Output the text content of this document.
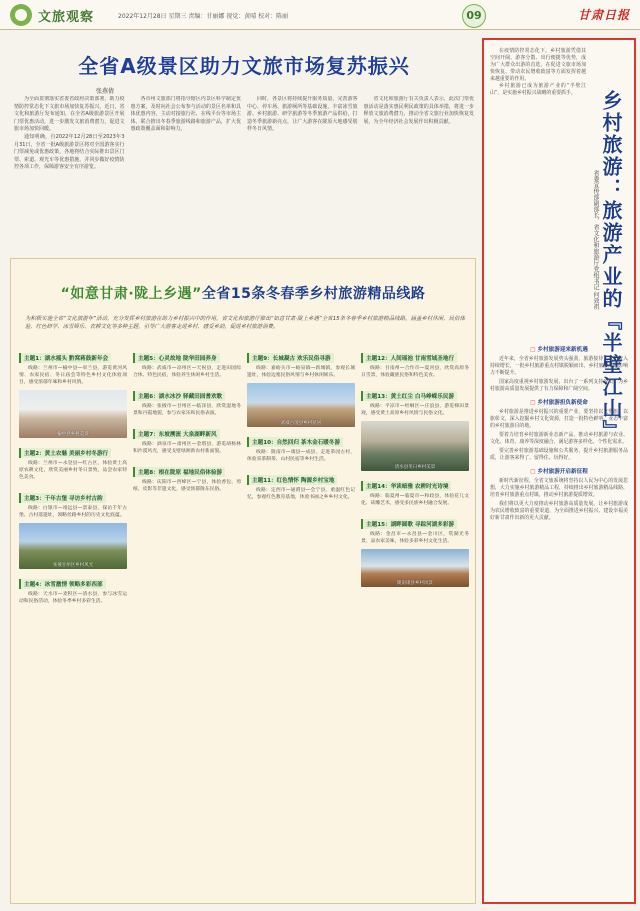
文旅观察	2022年12月28日 星期三 责编：甘丽娜 视觉：黄晴 校对：陈丽	09	甘肃日报
全省A级景区助力文旅市场复苏振兴
张燕倩

为全面贯彻落实省委省政府决策部署，助力疫情防控常态化下文旅市场加快复苏振兴，近日，省文化和旅游厅发布通知，在全省A级旅游景区开展门票优惠活动，进一步激发文旅消费潜力，促进文旅市场加快回暖。

通知明确，自2022年12月28日至2023年3月31日，全省一批A级旅游景区将对全国游客实行门票减免或优惠政策，各地将结合实际推出景区门票、索道、观光车等优惠措施，并同步做好疫情防控各项工作，保障游客安全有序游览。

各市州文旅部门将指导辖区内景区科学制定优惠方案，及时向社会公布参与活动的景区名单和具体优惠内容，主动对接旅行社、在线平台等市场主体，联合推出冬春季旅游线路和旅游产品，扩大优惠政策覆盖面和影响力。

同时，各景区将持续提升服务质量，完善游客中心、停车场、旅游厕所等基础设施，丰富冰雪旅游、乡村旅游、研学旅游等冬季旅游产品供给，打造冬季旅游新亮点，让广大游客在陇原大地感受别样冬日风情。

省文化和旅游厅有关负责人表示，此次门票优惠活动是落实惠民利民政策的具体举措，将进一步释放文旅消费潜力，推动全省文旅行业加快恢复发展，为全年经济社会发展作出积极贡献。

“如意甘肃·陇上乡遇”全省15条冬春季乡村旅游精品线路
为积极实施全省“文化旅游年”活动，充分发挥乡村旅游在助力乡村振兴中的作用，省文化和旅游厅推出“如意甘肃·陇上乡遇”全省15条冬春季乡村旅游精品线路，涵盖乡村休闲、民俗体验、红色研学、冰雪娱乐、农耕文化等多种主题，引导广大游客走进乡村、感受乡韵，促进乡村旅游消费。
主题1：湖水摇头 黔窝蒋鼓新年会

线路：兰州市—榆中县—皋兰县，游览黄河风情、农家民宿、冬日庙会等特色乡村文化体验项目，感受浓郁年味和乡村风情。

榆中县乡村美景
主题2：黄土农魅 美丽乡村冬游行

线路：兰州市—永登县—红古区，体验黄土高原农耕文化，欣赏美丽乡村冬日景致，品尝农家特色美食。

主题3：千年古堡 寻访乡村古韵

线路：白银市—靖远县—景泰县，探访千年古堡、古村落遗址，领略丝路乡村的历史文化底蕴。

张掖甘州区乡村风光
主题4：冰雪激情 领略多彩西部

线路：天水市—麦积区—清水县，参与冰雪运动和民俗活动，体验冬季乡村多彩生活。

主题5：心灵故地 陇华田园养身

线路：武威市—凉州区—天祝县，走进田园综合体、特色民宿，体验养生休闲乡村生活。

主题6：湖水冰沙 驿藏田园耆欢歌

线路：张掖市—甘州区—临泽县，欣赏湿地冬景和丹霞地貌，参与农家乐和民俗表演。

主题7：东坡溯流 大泉湖畔新风

线路：酒泉市—肃州区—金塔县，游览胡杨林和沙漠风光，感受戈壁绿洲新农村新面貌。

主题8：根在陇原 福地民俗体验游

线路：庆阳市—西峰区—宁县，体验香包、剪纸、皮影等非遗文化，感受浓郁陇东民俗。

主题9：长城凝古 欢乐民俗寻游

线路：嘉峪关市—峪泉镇—新城镇，参观长城遗址，体验边塞民俗风情与乡村休闲娱乐。

武威古浪县乡村民居
主题10：自然回归 茶木金石暖冬游

线路：陇南市—康县—成县，走进茶园古村，体验采茶制茶、山村民宿等乡村生活。

主题11：红色情怀 陶源乡村宝地

线路：定西市—通渭县—会宁县，重温红色记忆，参观红色教育基地，体验书画之乡乡村文化。

主题12：人间瑶池 甘南雪域圣地行

线路：甘南州—合作市—夏河县，欣赏高原冬日雪景，体验藏族民俗和特色美食。

主题13：黄土红尘 白马峥嵘乐民游

线路：平凉市—崆峒区—庄浪县，游览梯田景观，感受黄土高原乡村风情与民俗文化。

清水县冬日乡村美景
主题14：华读暗雅 农耕时光诗境

线路：临夏州—临夏市—和政县，体验花儿文化、砖雕艺术，感受多民族乡村融合发展。

主题15：湖畔圆歌 寻踪河湖多彩游

线路：金昌市—永昌县—金川区，赏湖光冬景、品农家美味，体验多彩乡村文化生活。

陇南康县乡村风景

在疫情防控常态化下，乡村旅游凭借其空间开阔、游客分散、出行便捷等优势，成为广大群众出游的首选，在促进文旅市场加快恢复、带动农民增收致富等方面发挥着越来越重要的作用。

乡村旅游已成为旅游产业的“半壁江山”，是实施乡村振兴战略的重要抓手。	乡村旅游：旅游产业的『半壁江山』
省委宣传部副部长、省文化和旅游厅党组书记 何效祖
□ 乡村旅游迎来新机遇

近年来，全省乡村旅游发展势头强劲，旅游接待人次和收入持续增长，一批乡村旅游重点村镇脱颖而出，乡村旅游品牌影响力不断提升。

国家高度重视乡村旅游发展，出台了一系列支持政策，为乡村旅游高质量发展提供了有力保障和广阔空间。

□ 乡村旅游担负新使命

乡村旅游是推进乡村振兴的重要产业，要坚持以文塑旅、以旅彰文，深入挖掘乡村文化资源，打造一批特色鲜明、业态丰富的乡村旅游目的地。

要着力培育乡村旅游新业态新产品，推动乡村旅游与农业、文化、体育、康养等深度融合，满足游客多样化、个性化需求。

要完善乡村旅游基础设施和公共服务，提升乡村旅游服务品质，让游客来得了、留得住、玩得好。

□ 乡村旅游开启新征程

新时代新征程，全省文旅系统将坚持以人民为中心的发展思想，大力实施乡村旅游精品工程，持续推出乡村旅游精品线路，培育乡村旅游重点村镇，推动乡村旅游提质增效。

我们将以更大力度推动乡村旅游高质量发展，让乡村旅游成为农民增收致富的重要渠道，为全面推进乡村振兴、建设幸福美好新甘肃作出新的更大贡献。
